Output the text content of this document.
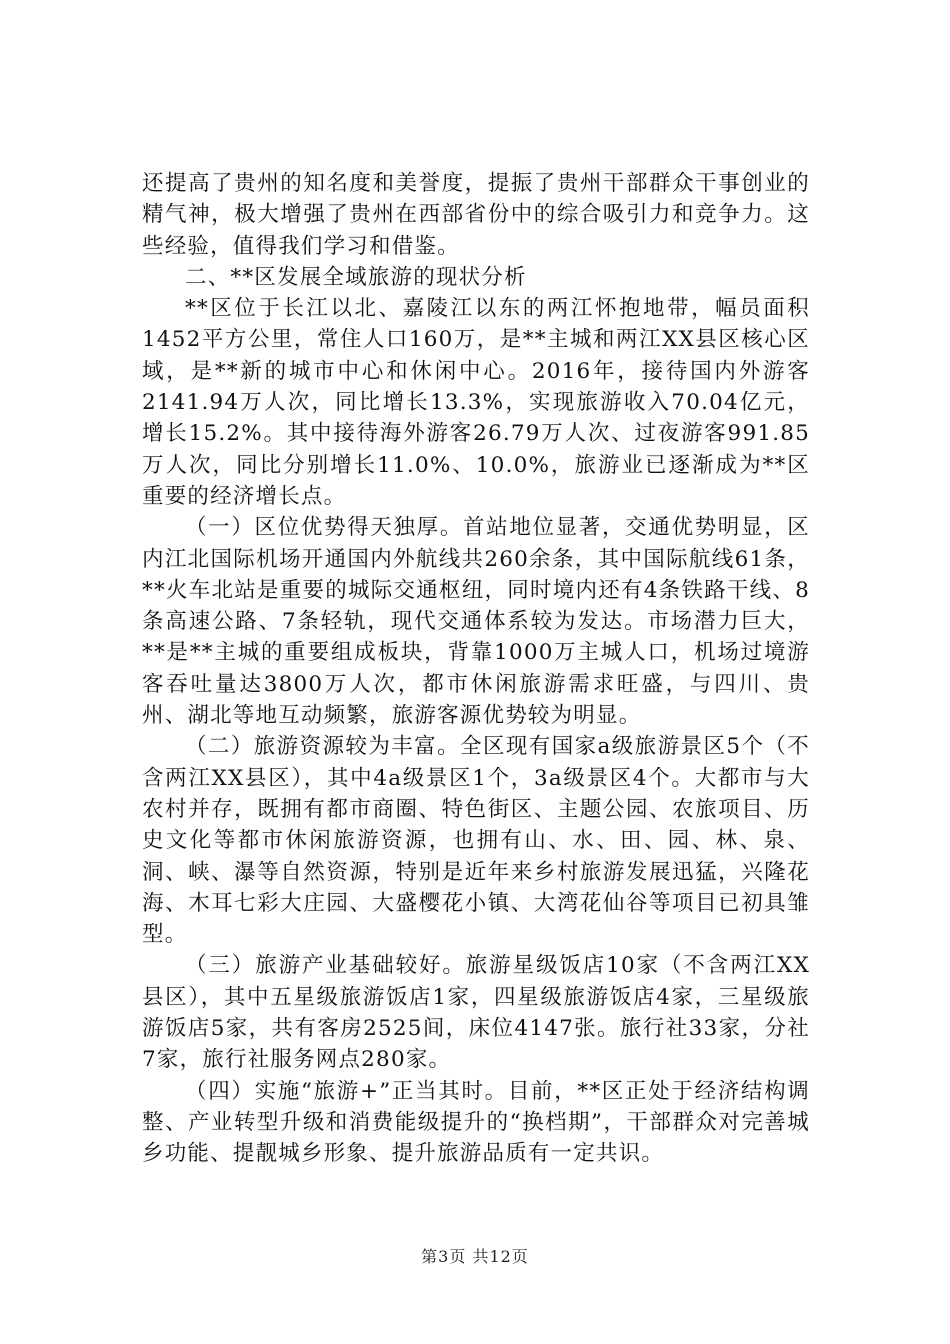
还提高了贵州的知名度和美誉度，提振了贵州干部群众干事创业的精气神，极大增强了贵州在西部省份中的综合吸引力和竞争力。这些经验，值得我们学习和借鉴。

二、**区发展全域旅游的现状分析

**区位于长江以北、嘉陵江以东的两江怀抱地带，幅员面积1452平方公里，常住人口160万，是**主城和两江XX县区核心区域，是**新的城市中心和休闲中心。2016年，接待国内外游客2141.94万人次，同比增长13.3%，实现旅游收入70.04亿元，增长15.2%。其中接待海外游客26.79万人次、过夜游客991.85万人次，同比分别增长11.0%、10.0%，旅游业已逐渐成为**区重要的经济增长点。

（一）区位优势得天独厚。首站地位显著，交通优势明显，区内江北国际机场开通国内外航线共260余条，其中国际航线61条，**火车北站是重要的城际交通枢纽，同时境内还有4条铁路干线、8条高速公路、7条轻轨，现代交通体系较为发达。市场潜力巨大，**是**主城的重要组成板块，背靠1000万主城人口，机场过境游客吞吐量达3800万人次，都市休闲旅游需求旺盛，与四川、贵州、湖北等地互动频繁，旅游客源优势较为明显。

（二）旅游资源较为丰富。全区现有国家a级旅游景区5个（不含两江XX县区），其中4a级景区1个，3a级景区4个。大都市与大农村并存，既拥有都市商圈、特色街区、主题公园、农旅项目、历史文化等都市休闲旅游资源，也拥有山、水、田、园、林、泉、洞、峡、瀑等自然资源，特别是近年来乡村旅游发展迅猛，兴隆花海、木耳七彩大庄园、大盛樱花小镇、大湾花仙谷等项目已初具雏型。

（三）旅游产业基础较好。旅游星级饭店10家（不含两江XX县区），其中五星级旅游饭店1家，四星级旅游饭店4家，三星级旅游饭店5家，共有客房2525间，床位4147张。旅行社33家，分社7家，旅行社服务网点280家。

（四）实施“旅游+”正当其时。目前，**区正处于经济结构调整、产业转型升级和消费能级提升的“换档期”，干部群众对完善城乡功能、提靓城乡形象、提升旅游品质有一定共识。

第3页 共12页
